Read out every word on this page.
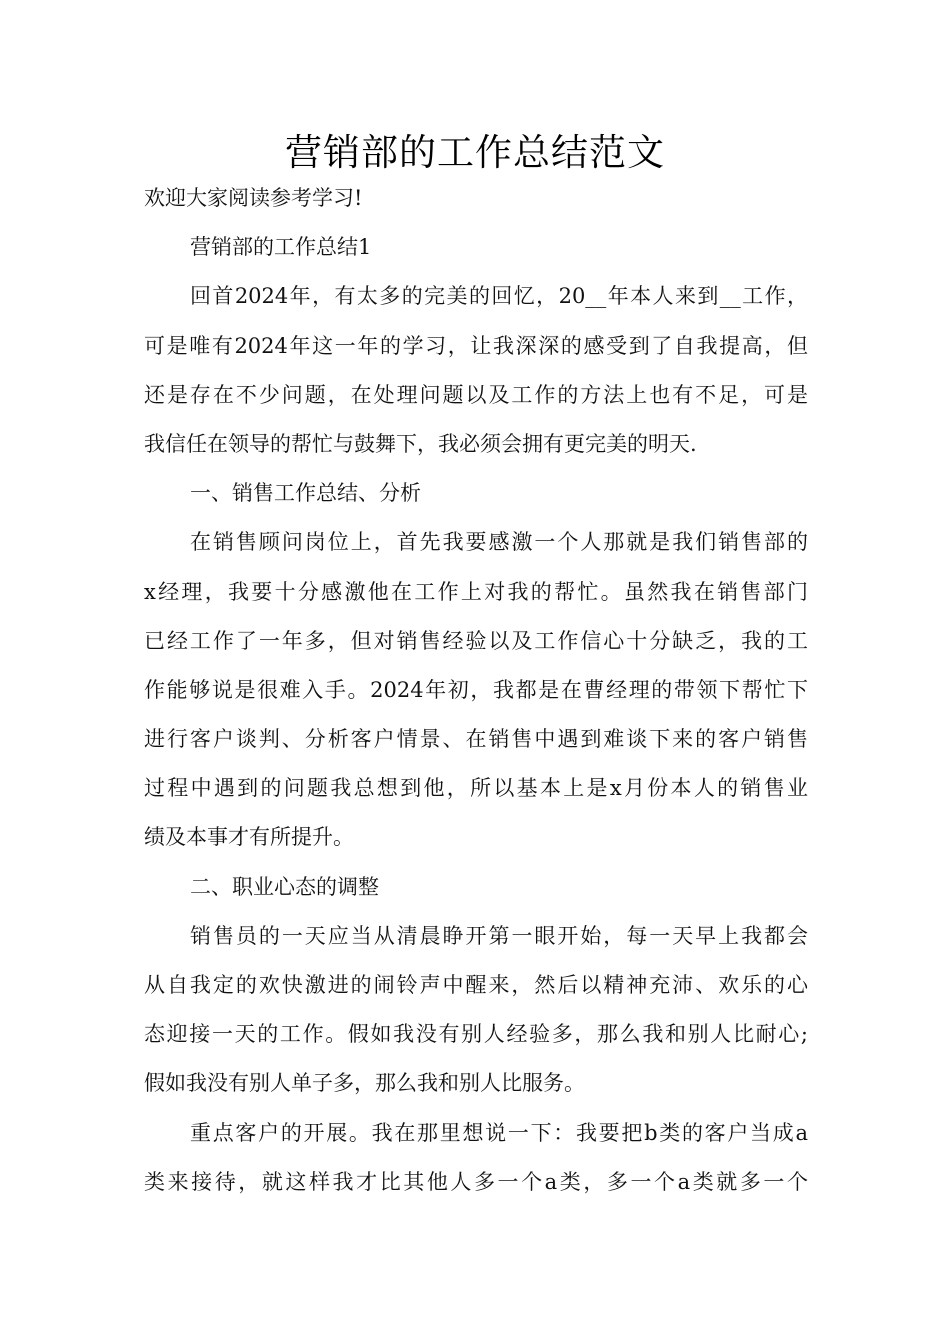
营销部的工作总结范文

欢迎大家阅读参考学习!

营销部的工作总结1

回首2024年，有太多的完美的回忆，20__年本人来到__工作，

可是唯有2024年这一年的学习，让我深深的感受到了自我提高，但

还是存在不少问题，在处理问题以及工作的方法上也有不足，可是

我信任在领导的帮忙与鼓舞下，我必须会拥有更完美的明天.

一、销售工作总结、分析

在销售顾问岗位上，首先我要感激一个人那就是我们销售部的

x经理，我要十分感激他在工作上对我的帮忙。虽然我在销售部门

已经工作了一年多，但对销售经验以及工作信心十分缺乏，我的工

作能够说是很难入手。2024年初，我都是在曹经理的带领下帮忙下

进行客户谈判、分析客户情景、在销售中遇到难谈下来的客户销售

过程中遇到的问题我总想到他，所以基本上是x月份本人的销售业

绩及本事才有所提升。

二、职业心态的调整

销售员的一天应当从清晨睁开第一眼开始，每一天早上我都会

从自我定的欢快激进的闹铃声中醒来，然后以精神充沛、欢乐的心

态迎接一天的工作。假如我没有别人经验多，那么我和别人比耐心;

假如我没有别人单子多，那么我和别人比服务。

重点客户的开展。我在那里想说一下：我要把b类的客户当成a

类来接待，就这样我才比其他人多一个a类，多一个a类就多一个
